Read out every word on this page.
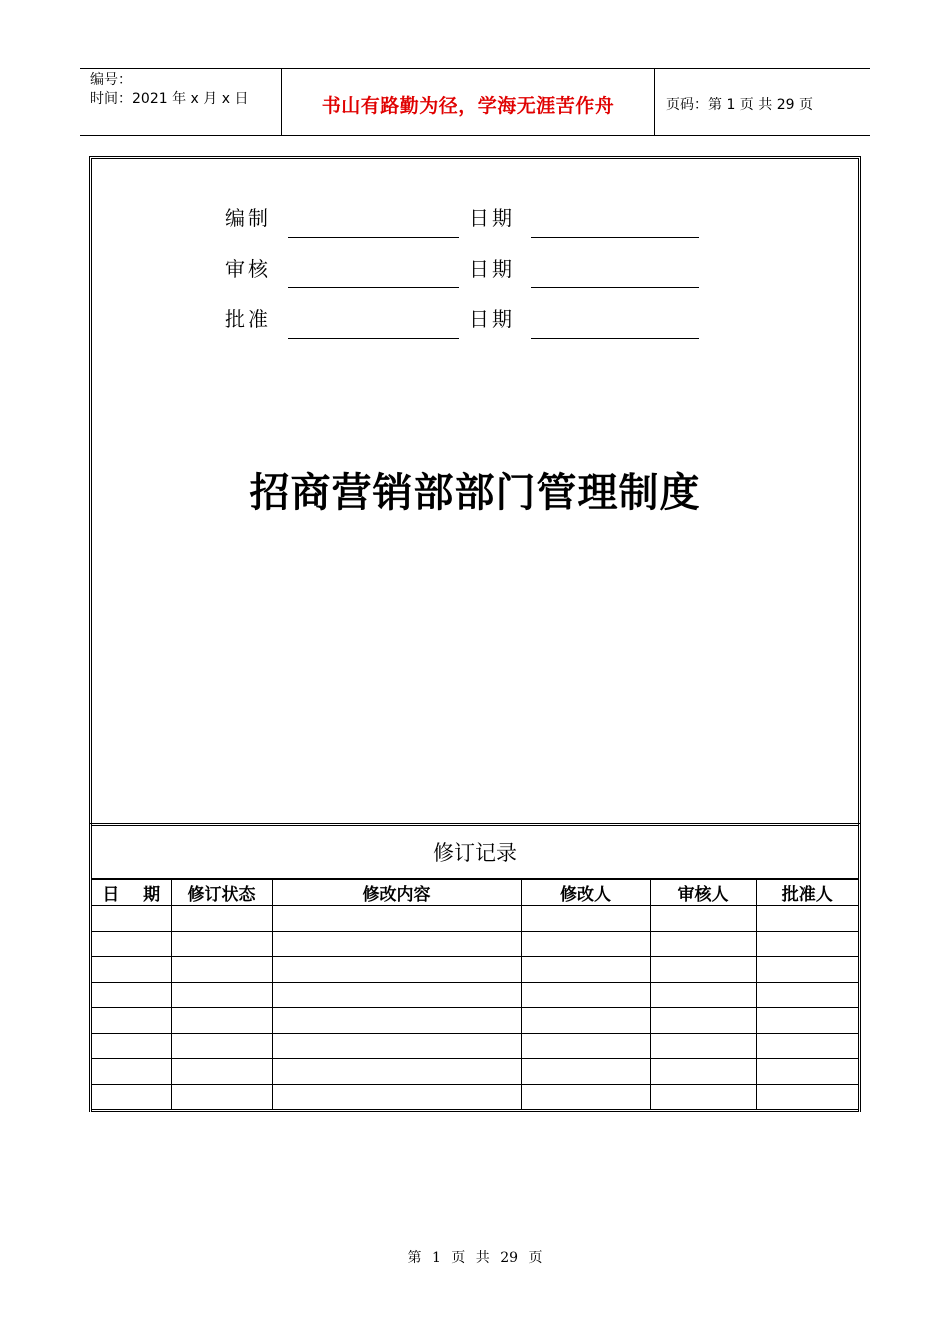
编号：
时间：2021 年 x 月 x 日	书山有路勤为径，学海无涯苦作舟	页码：第 1 页 共 29 页
编制	日期
审核	日期
批准	日期
招商营销部部门管理制度
修订记录
日    期	修订状态	修改内容	修改人	审核人	批准人

第 1 页 共 29 页
